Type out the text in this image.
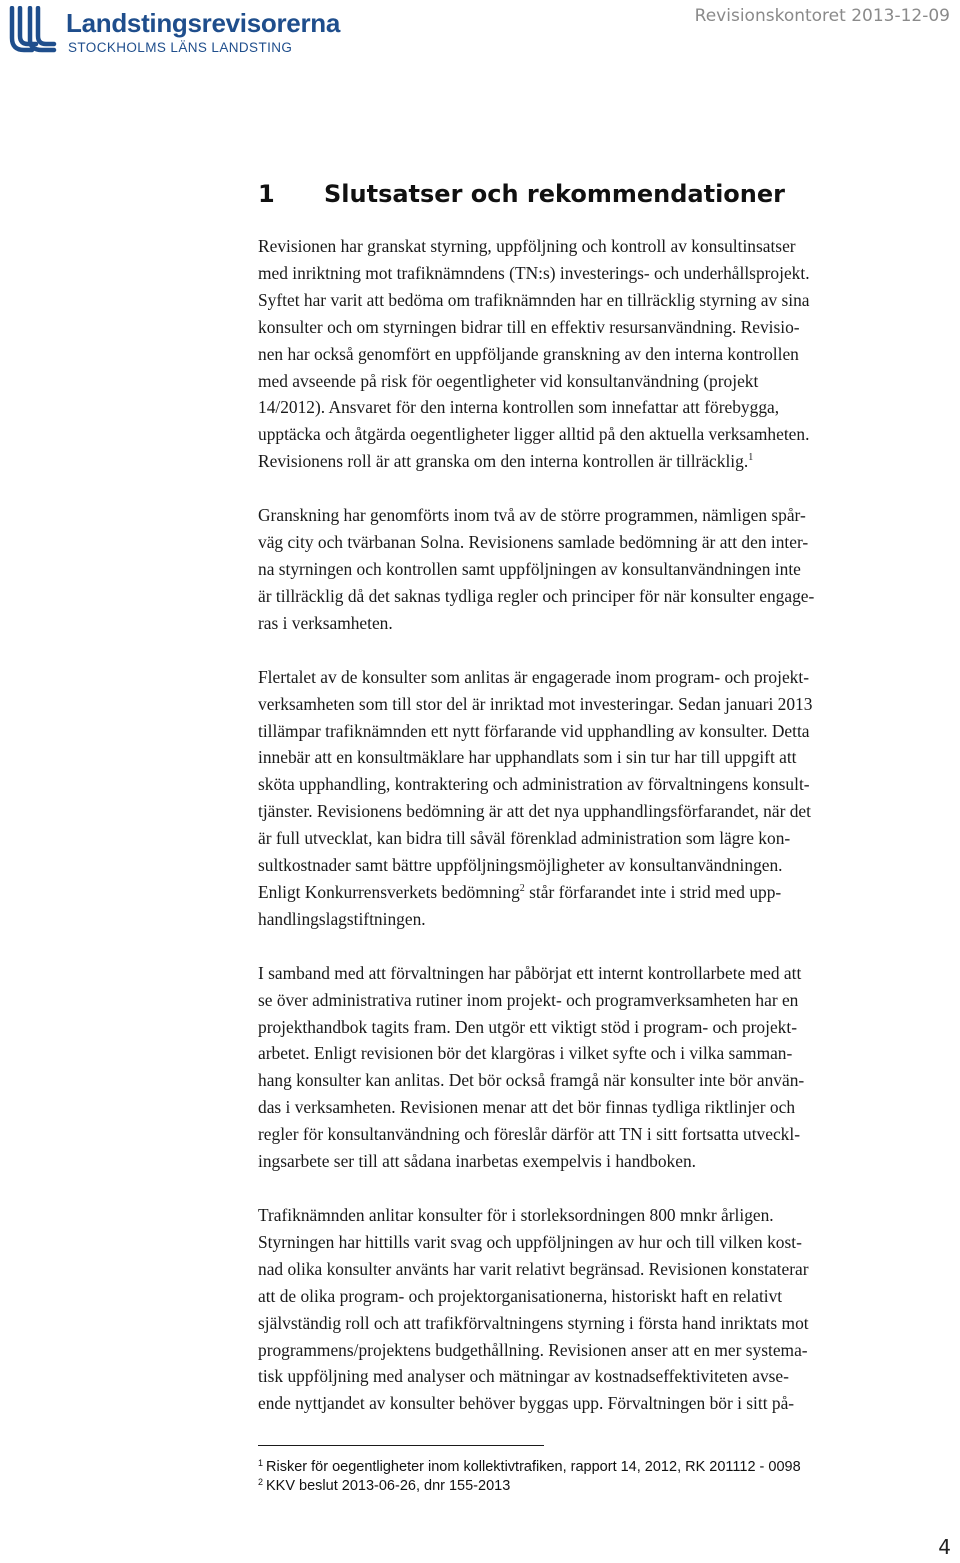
Landstingsrevisorerna
STOCKHOLMS LÄNS LANDSTING
Revisionskontoret 2013-12-09
1 Slutsatser och rekommendationer

Revisionen har granskat styrning, uppföljning och kontroll av konsultinsatser
med inriktning mot trafiknämndens (TN:s) investerings- och underhållsprojekt.
Syftet har varit att bedöma om trafiknämnden har en tillräcklig styrning av sina
konsulter och om styrningen bidrar till en effektiv resursanvändning. Revisio-
nen har också genomfört en uppföljande granskning av den interna kontrollen
med avseende på risk för oegentligheter vid konsultanvändning (projekt
14/2012). Ansvaret för den interna kontrollen som innefattar att förebygga,
upptäcka och åtgärda oegentligheter ligger alltid på den aktuella verksamheten.
Revisionens roll är att granska om den interna kontrollen är tillräcklig.$^1$

Granskning har genomförts inom två av de större programmen, nämligen spår-
väg city och tvärbanan Solna. Revisionens samlade bedömning är att den inter-
na styrningen och kontrollen samt uppföljningen av konsultanvändningen inte
är tillräcklig då det saknas tydliga regler och principer för när konsulter engage-
ras i verksamheten.

Flertalet av de konsulter som anlitas är engagerade inom program- och projekt-
verksamheten som till stor del är inriktad mot investeringar. Sedan januari 2013
tillämpar trafiknämnden ett nytt förfarande vid upphandling av konsulter. Detta
innebär att en konsultmäklare har upphandlats som i sin tur har till uppgift att
sköta upphandling, kontraktering och administration av förvaltningens konsult-
tjänster. Revisionens bedömning är att det nya upphandlingsförfarandet, när det
är full utvecklat, kan bidra till såväl förenklad administration som lägre kon-
sultkostnader samt bättre uppföljningsmöjligheter av konsultanvändningen.
Enligt Konkurrensverkets bedömning$^2$ står förfarandet inte i strid med upp-
handlingslagstiftningen.

I samband med att förvaltningen har påbörjat ett internt kontrollarbete med att
se över administrativa rutiner inom projekt- och programverksamheten har en
projekthandbok tagits fram. Den utgör ett viktigt stöd i program- och projekt-
arbetet. Enligt revisionen bör det klargöras i vilket syfte och i vilka samman-
hang konsulter kan anlitas. Det bör också framgå när konsulter inte bör använ-
das i verksamheten. Revisionen menar att det bör finnas tydliga riktlinjer och
regler för konsultanvändning och föreslår därför att TN i sitt fortsatta utveckl-
ingsarbete ser till att sådana inarbetas exempelvis i handboken.

Trafiknämnden anlitar konsulter för i storleksordningen 800 mnkr årligen.
Styrningen har hittills varit svag och uppföljningen av hur och till vilken kost-
nad olika konsulter använts har varit relativt begränsad. Revisionen konstaterar
att de olika program- och projektorganisationerna, historiskt haft en relativt
självständig roll och att trafikförvaltningens styrning i första hand inriktats mot
programmens/projektens budgethållning. Revisionen anser att en mer systema-
tisk uppföljning med analyser och mätningar av kostnadseffektiviteten avse-
ende nyttjandet av konsulter behöver byggas upp. Förvaltningen bör i sitt på-

$^1$ Risker för oegentligheter inom kollektivtrafiken, rapport 14, 2012, RK 201112 - 0098
$^2$ KKV beslut 2013-06-26, dnr 155-2013
4
